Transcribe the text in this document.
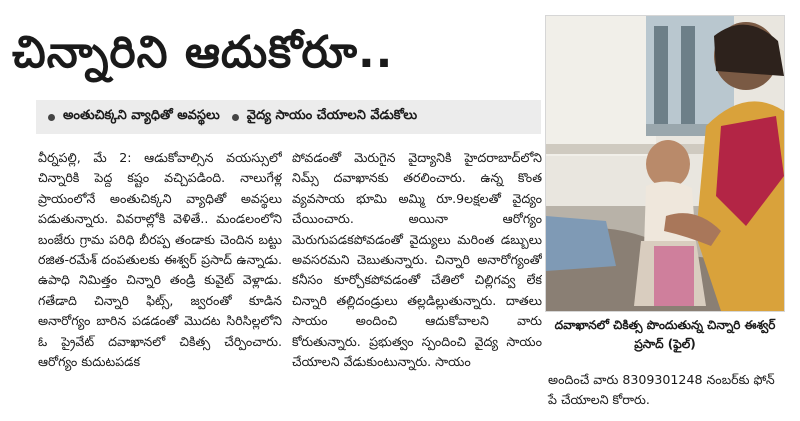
చిన్నారిని ఆదుకోరూ..
అంతుచిక్కని వ్యాధితో అవస్థలు వైద్య సాయం చేయాలని వేడుకోలు

వీర్నపల్లి, మే 2: ఆడుకోవాల్సిన వయస్సులో చిన్నారికి పెద్ద కష్టం వచ్చిపడింది. నాలుగేళ్ల ప్రాయంలోనే అంతుచిక్కని వ్యాధితో అవస్థలు పడుతున్నారు. వివరాల్లోకి వెళితే.. మండలంలోని బంజేరు గ్రామ పరిధి బీరప్ప తండాకు చెందిన బట్టు రజిత-రమేశ్ దంపతులకు ఈశ్వర్ ప్రసాద్ ఉన్నాడు. ఉపాధి నిమిత్తం చిన్నారి తండ్రి కువైట్ వెళ్లాడు. గతేడాది చిన్నారి ఫిట్స్, జ్వరంతో కూడిన అనారోగ్యం బారిన పడడంతో మొదట సిరిసిల్లలోని ఓ ప్రైవేట్ దవాఖానలో చికిత్స చేర్పించారు. ఆరోగ్యం కుదుటపడక

పోవడంతో మెరుగైన వైద్యానికి హైదరాబాద్‌లోని నిమ్స్ దవాఖానకు తరలించారు. ఉన్న కొంత వ్యవసాయ భూమి అమ్మి రూ.9లక్షలతో వైద్యం చేయించారు. అయినా ఆరోగ్యం మెరుగుపడకపోవడంతో వైద్యులు మరింత డబ్బులు అవసరమని చెబుతున్నారు. చిన్నారి అనారోగ్యంతో కనీసం కూర్చోకపోవడంతో చేతిలో చిల్లిగవ్వ లేక చిన్నారి తల్లిదండ్రులు తల్లడిల్లుతున్నారు. దాతలు సాయం అందించి ఆదుకోవాలని వారు కోరుతున్నారు. ప్రభుత్వం స్పందించి వైద్య సాయం చేయాలని వేడుకుంటున్నారు. సాయం

దవాఖానలో చికిత్స పొందుతున్న చిన్నారి ఈశ్వర్ ప్రసాద్ (ఫైల్)

అందించే వారు 8309301248 నంబర్‌కు ఫోన్ పే చేయాలని కోరారు.
